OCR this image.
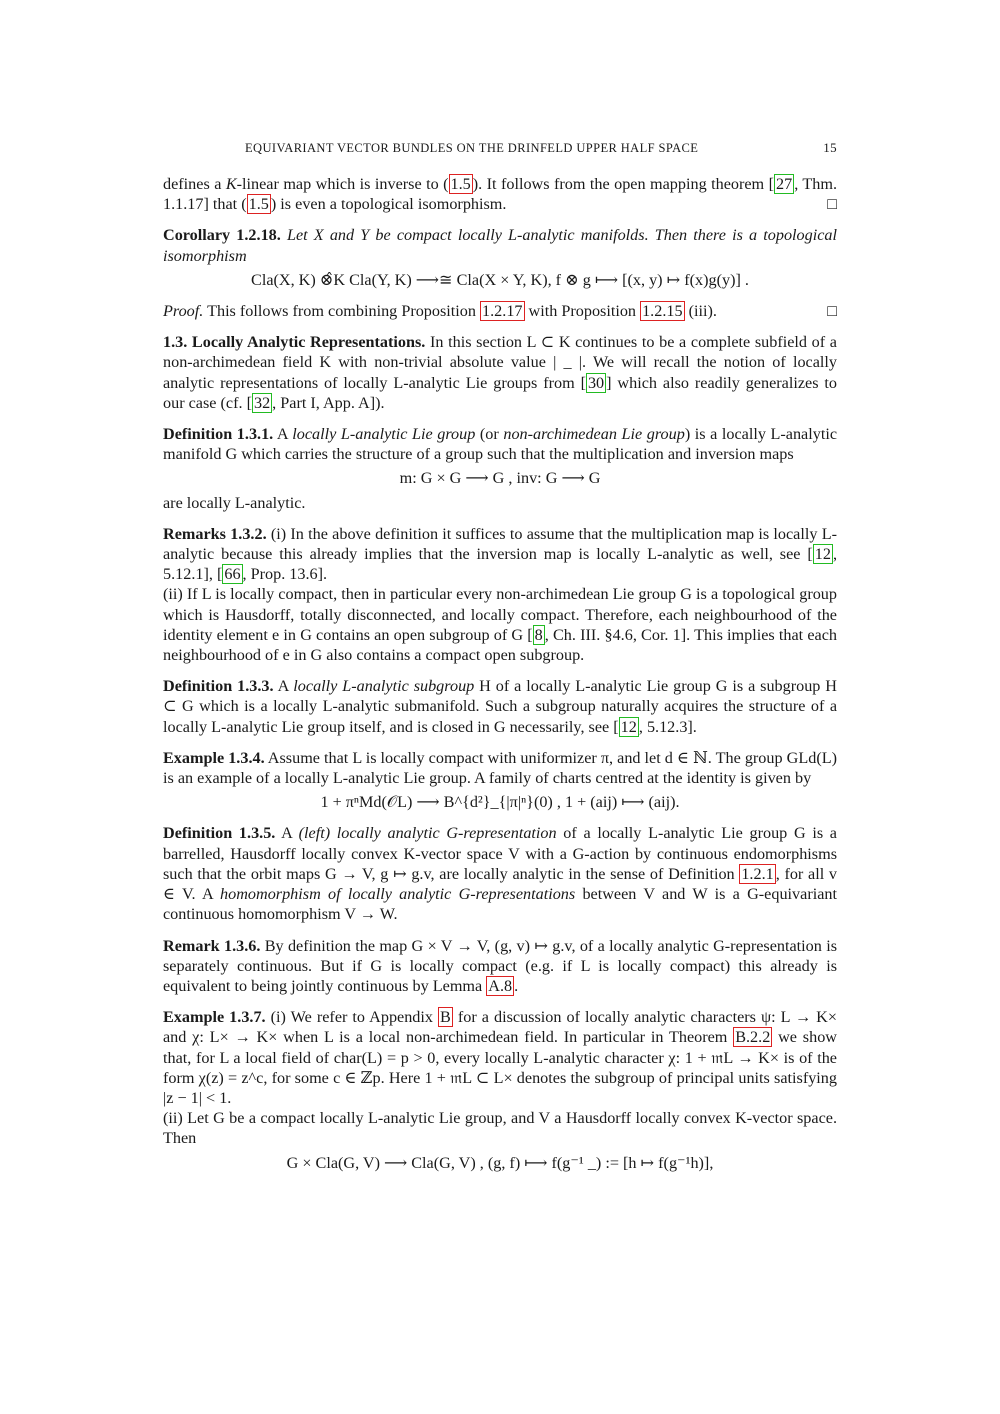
EQUIVARIANT VECTOR BUNDLES ON THE DRINFELD UPPER HALF SPACE	15

defines a K-linear map which is inverse to ( 1.5 ). It follows from the open mapping theorem [ 27 , Thm. 1.1.17] that ( 1.5 ) is even a topological isomorphism.	□

Corollary 1.2.18. Let X and Y be compact locally L-analytic manifolds. Then there is a topological isomorphism

Cla(X, K) ⊗̂K Cla(Y, K) ⟶≅ Cla(X × Y, K), f ⊗ g ⟼ [(x, y) ↦ f(x)g(y)] .

Proof. This follows from combining Proposition 1.2.17 with Proposition 1.2.15 (iii).	□

1.3. Locally Analytic Representations. In this section L ⊂ K continues to be a complete subfield of a non-archimedean field K with non-trivial absolute value | _ |. We will recall the notion of locally analytic representations of locally L-analytic Lie groups from [ 30 ] which also readily generalizes to our case (cf. [ 32 , Part I, App. A]).

Definition 1.3.1. A locally L-analytic Lie group (or non-archimedean Lie group) is a locally L-analytic manifold G which carries the structure of a group such that the multiplication and inversion maps

m: G × G ⟶ G , inv: G ⟶ G

are locally L-analytic.

Remarks 1.3.2. (i) In the above definition it suffices to assume that the multiplication map is locally L-analytic because this already implies that the inversion map is locally L-analytic as well, see [ 12 , 5.12.1], [ 66 , Prop. 13.6].

(ii) If L is locally compact, then in particular every non-archimedean Lie group G is a topological group which is Hausdorff, totally disconnected, and locally compact. Therefore, each neighbourhood of the identity element e in G contains an open subgroup of G [ 8 , Ch. III. §4.6, Cor. 1]. This implies that each neighbourhood of e in G also contains a compact open subgroup.

Definition 1.3.3. A locally L-analytic subgroup H of a locally L-analytic Lie group G is a subgroup H ⊂ G which is a locally L-analytic submanifold. Such a subgroup naturally acquires the structure of a locally L-analytic Lie group itself, and is closed in G necessarily, see [ 12 , 5.12.3].

Example 1.3.4. Assume that L is locally compact with uniformizer π, and let d ∈ ℕ. The group GLd(L) is an example of a locally L-analytic Lie group. A family of charts centred at the identity is given by

1 + πⁿMd(𝒪L) ⟶ B^{d²}_{|π|ⁿ}(0) , 1 + (aij) ⟼ (aij).

Definition 1.3.5. A (left) locally analytic G-representation of a locally L-analytic Lie group G is a barrelled, Hausdorff locally convex K-vector space V with a G-action by continuous endomorphisms such that the orbit maps G → V, g ↦ g.v, are locally analytic in the sense of Definition 1.2.1 , for all v ∈ V. A homomorphism of locally analytic G-representations between V and W is a G-equivariant continuous homomorphism V → W.

Remark 1.3.6. By definition the map G × V → V, (g, v) ↦ g.v, of a locally analytic G-representation is separately continuous. But if G is locally compact (e.g. if L is locally compact) this already is equivalent to being jointly continuous by Lemma A.8 .

Example 1.3.7. (i) We refer to Appendix B for a discussion of locally analytic characters ψ: L → K× and χ: L× → K× when L is a local non-archimedean field. In particular in Theorem B.2.2 we show that, for L a local field of char(L) = p > 0, every locally L-analytic character χ: 1 + 𝔪L → K× is of the form χ(z) = z^c, for some c ∈ ℤp. Here 1 + 𝔪L ⊂ L× denotes the subgroup of principal units satisfying |z − 1| < 1.

(ii) Let G be a compact locally L-analytic Lie group, and V a Hausdorff locally convex K-vector space. Then

G × Cla(G, V) ⟶ Cla(G, V) , (g, f) ⟼ f(g⁻¹ _) := [h ↦ f(g⁻¹h)],
